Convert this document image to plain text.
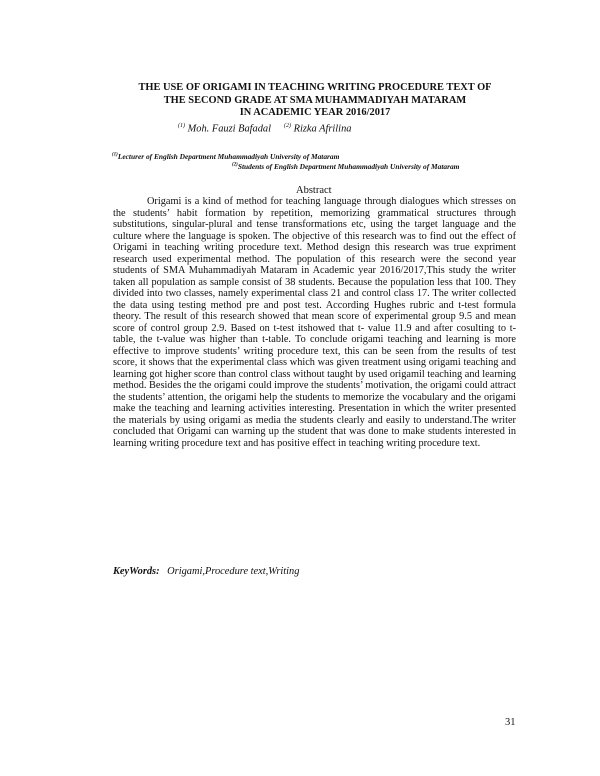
THE USE OF ORIGAMI IN TEACHING WRITING PROCEDURE TEXT OF
THE SECOND GRADE AT SMA MUHAMMADIYAH MATARAM
IN ACADEMIC YEAR 2016/2017
$^{(1)}$ Moh. Fauzi Bafadal $^{(2)}$ Rizka Afrilina
$^{(1)}$Lecturer of English Department Muhammadiyah University of Mataram
$^{(2)}$Students of English Department Muhammadiyah University of Mataram
Abstract

Origami is a kind of method for teaching language through dialogues which stresses on the students’ habit formation by repetition, memorizing grammatical structures through substitutions, singular-plural and tense transformations etc, using the target language and the culture where the language is spoken. The objective of this research was to find out the effect of Origami in teaching writing procedure text. Method design this research was true expriment research used experimental method. The population of this research were the second year students of SMA Muhammadiyah Mataram in Academic year 2016/2017,This study the writer taken all population as sample consist of 38 students. Because the population less that 100. They divided into two classes, namely experimental class 21 and control class 17. The writer collected the data using testing method pre and post test. According Hughes rubric and t-test formula theory. The result of this research showed that mean score of experimental group 9.5 and mean score of control group 2.9. Based on t-test itshowed that t- value 11.9 and after cosulting to t-table, the t-value was higher than t-table. To conclude origami teaching and learning is more effective to improve students’ writing procedure text, this can be seen from the results of test score, it shows that the experimental class which was given treatment using origami teaching and learning got higher score than control class without taught by used origamil teaching and learning method. Besides the the origami could improve the students’ motivation, the origami could attract the students’ attention, the origami help the students to memorize the vocabulary and the origami make the teaching and learning activities interesting. Presentation in which the writer presented the materials by using origami as media the students clearly and easily to understand.The writer concluded that Origami can warning up the student that was done to make students interested in learning writing procedure text and has positive effect in teaching writing procedure text.

KeyWords: Origami,Procedure text,Writing
31
